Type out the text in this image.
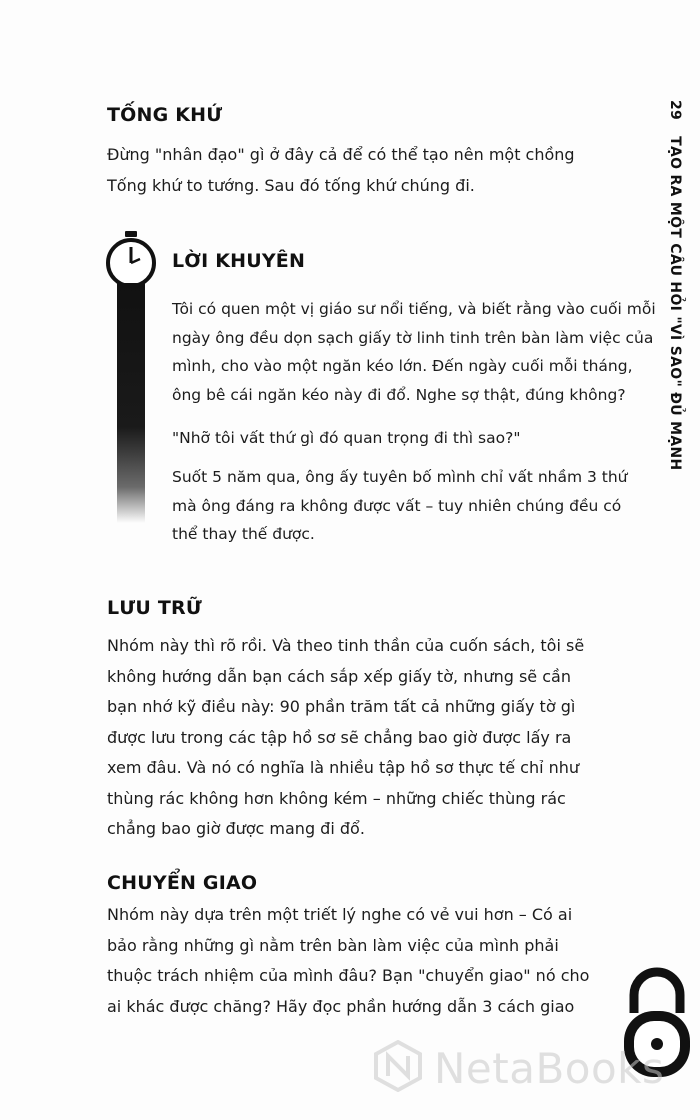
TỐNG KHỨ
Đừng "nhân đạo" gì ở đây cả để có thể tạo nên một chồng
Tống khứ to tướng. Sau đó tống khứ chúng đi.
LỜI KHUYÊN
Tôi có quen một vị giáo sư nổi tiếng, và biết rằng vào cuối mỗi
ngày ông đều dọn sạch giấy tờ linh tinh trên bàn làm việc của
mình, cho vào một ngăn kéo lớn. Đến ngày cuối mỗi tháng,
ông bê cái ngăn kéo này đi đổ. Nghe sợ thật, đúng không?
"Nhỡ tôi vất thứ gì đó quan trọng đi thì sao?"
Suốt 5 năm qua, ông ấy tuyên bố mình chỉ vất nhầm 3 thứ
mà ông đáng ra không được vất – tuy nhiên chúng đều có
thể thay thế được.
LƯU TRỮ
Nhóm này thì rõ rồi. Và theo tinh thần của cuốn sách, tôi sẽ
không hướng dẫn bạn cách sắp xếp giấy tờ, nhưng sẽ cần
bạn nhớ kỹ điều này: 90 phần trăm tất cả những giấy tờ gì
được lưu trong các tập hồ sơ sẽ chẳng bao giờ được lấy ra
xem đâu. Và nó có nghĩa là nhiều tập hồ sơ thực tế chỉ như
thùng rác không hơn không kém – những chiếc thùng rác
chẳng bao giờ được mang đi đổ.
CHUYỂN GIAO
Nhóm này dựa trên một triết lý nghe có vẻ vui hơn – Có ai
bảo rằng những gì nằm trên bàn làm việc của mình phải
thuộc trách nhiệm của mình đâu? Bạn "chuyển giao" nó cho
ai khác được chăng? Hãy đọc phần hướng dẫn 3 cách giao
29TẠO RA MỘT CÂU HỎI "VÌ SAO" ĐỦ MẠNH
NetaBooks
